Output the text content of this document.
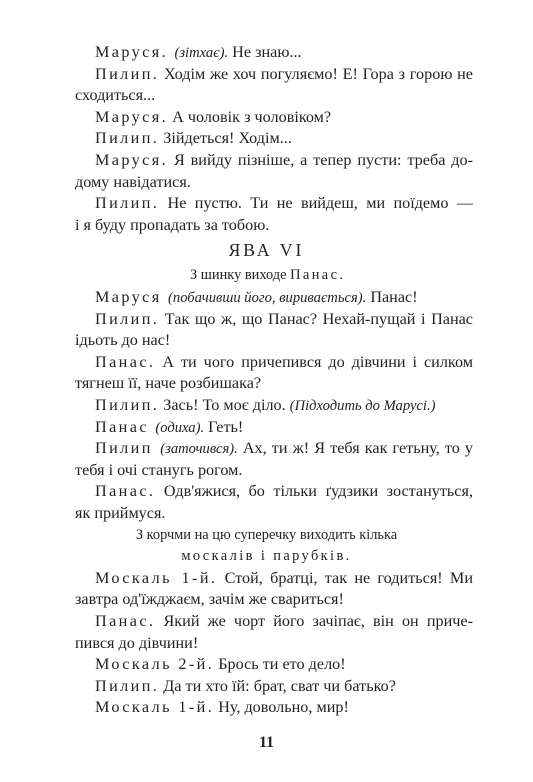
Маруся. (зітхає). Не знаю...
Пилип. Ходім же хоч погуляємо! Е! Гора з горою не
сходиться...
Маруся. А чоловік з чоловіком?
Пилип. Зійдеться! Ходім...
Маруся. Я вийду пізніше, а тепер пусти: треба до-
дому навідатися.
Пилип. Не пустю. Ти не вийдеш, ми поїдемо —
і я буду пропадать за тобою.
ЯВА VI
З шинку виходе Панас.
Маруся (побачивши його, виривається). Панас!
Пилип. Так що ж, що Панас? Нехай-пущай і Панас
ідьоть до нас!
Панас. А ти чого причепився до дівчини і силком
тягнеш її, наче розбишака?
Пилип. Зась! То моє діло. (Підходить до Марусі.)
Панас (одиха). Геть!
Пилип (заточився). Ах, ти ж! Я тебя как гетьну, то у
тебя і очі станугь рогом.
Панас. Одв'яжися, бо тільки ґудзики зостануться,
як приймуся.
З корчми на цю суперечку виходить кілька
москалів і парубків.
Москаль 1-й. Стой, братці, так не годиться! Ми
завтра од'їжджаєм, зачім же свариться!
Панас. Який же чорт його зачіпає, він он приче-
пився до дівчини!
Москаль 2-й. Брось ти ето дело!
Пилип. Да ти хто їй: брат, сват чи батько?
Москаль 1-й. Ну, довольно, мир!
11
